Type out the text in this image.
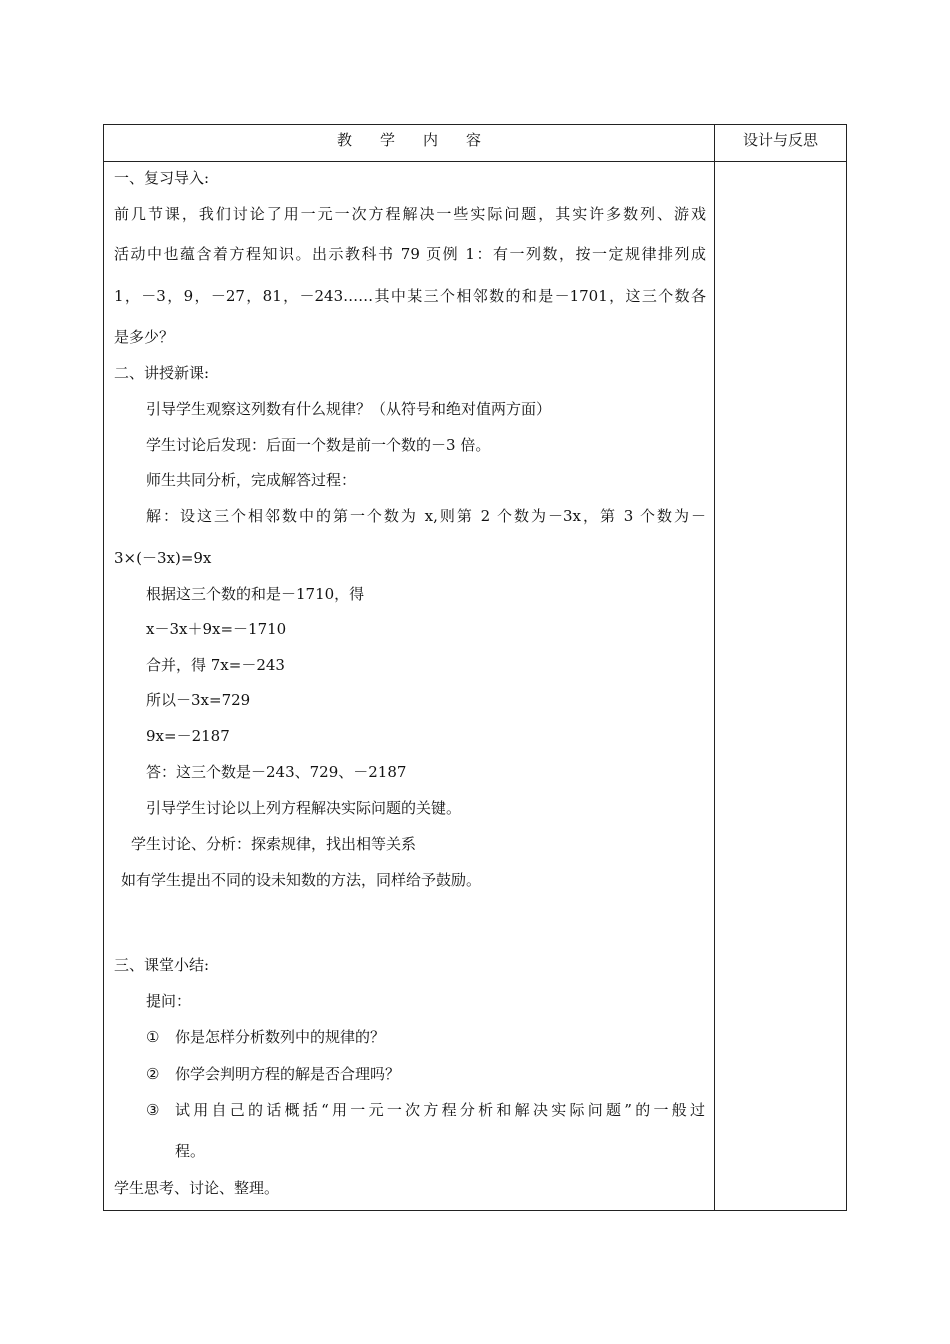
教学内容	设计与反思
一、复习导入:
前几节课，我们讨论了用一元一次方程解决一些实际问题，其实许多数列、游戏
活动中也蕴含着方程知识。出示教科书 79 页例 1：有一列数，按一定规律排列成
1，－3，9，－27，81，－243……其中某三个相邻数的和是－1701，这三个数各
是多少？
二、讲授新课:
引导学生观察这列数有什么规律？（从符号和绝对值两方面）
学生讨论后发现：后面一个数是前一个数的－3 倍。
师生共同分析，完成解答过程：
解：设这三个相邻数中的第一个数为 x,则第 2 个数为－3x，第 3 个数为－
3×(－3x)=9x
根据这三个数的和是－1710，得
x－3x＋9x=－1710
合并，得 7x=－243
所以－3x=729
9x=－2187
答：这三个数是－243、729、－2187
引导学生讨论以上列方程解决实际问题的关键。
学生讨论、分析：探索规律，找出相等关系
如有学生提出不同的设未知数的方法，同样给予鼓励。
三、课堂小结:
提问：
① 你是怎样分析数列中的规律的？
② 你学会判明方程的解是否合理吗？
③ 试用自己的话概括“用一元一次方程分析和解决实际问题”的一般过
程。
学生思考、讨论、整理。
